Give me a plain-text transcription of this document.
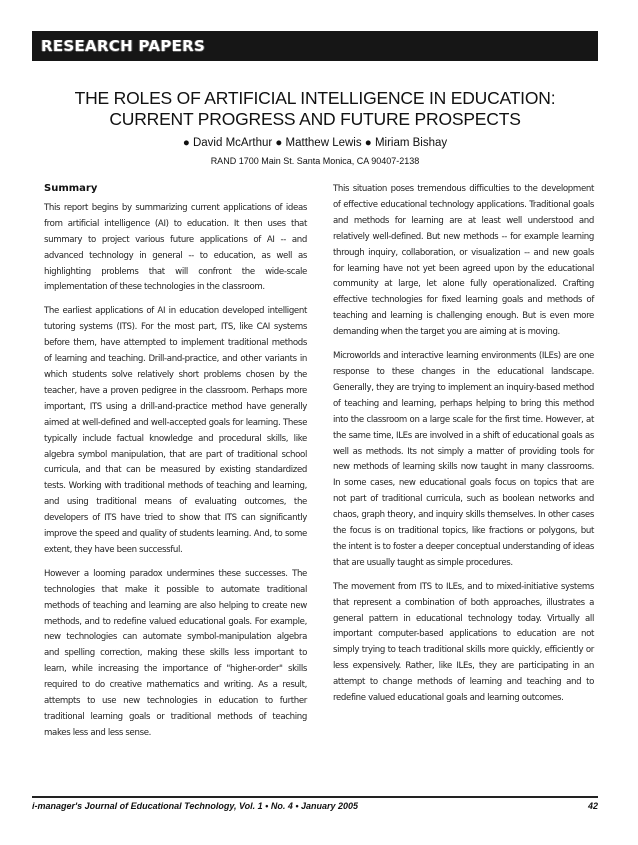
RESEARCH PAPERS
THE ROLES OF ARTIFICIAL INTELLIGENCE IN EDUCATION:
CURRENT PROGRESS AND FUTURE PROSPECTS
● David McArthur ● Matthew Lewis ● Miriam Bishay
RAND 1700 Main St. Santa Monica, CA 90407-2138
Summary

This report begins by summarizing current applications of ideas from artificial intelligence (AI) to education. It then uses that summary to project various future applications of AI -- and advanced technology in general -- to education, as well as highlighting problems that will confront the wide-scale implementation of these technologies in the classroom.

The earliest applications of AI in education developed intelligent tutoring systems (ITS). For the most part, ITS, like CAI systems before them, have attempted to implement traditional methods of learning and teaching. Drill-and-practice, and other variants in which students solve relatively short problems chosen by the teacher, have a proven pedigree in the classroom. Perhaps more important, ITS using a drill-and-practice method have generally aimed at well-defined and well-accepted goals for learning. These typically include factual knowledge and procedural skills, like algebra symbol manipulation, that are part of traditional school curricula, and that can be measured by existing standardized tests. Working with traditional methods of teaching and learning, and using traditional means of evaluating outcomes, the developers of ITS have tried to show that ITS can significantly improve the speed and quality of students learning. And, to some extent, they have been successful.

However a looming paradox undermines these successes. The technologies that make it possible to automate traditional methods of teaching and learning are also helping to create new methods, and to redefine valued educational goals. For example, new technologies can automate symbol-manipulation algebra and spelling correction, making these skills less important to learn, while increasing the importance of "higher-order" skills required to do creative mathematics and writing. As a result, attempts to use new technologies in education to further traditional learning goals or traditional methods of teaching makes less and less sense.

This situation poses tremendous difficulties to the development of effective educational technology applications. Traditional goals and methods for learning are at least well understood and relatively well-defined. But new methods -- for example learning through inquiry, collaboration, or visualization -- and new goals for learning have not yet been agreed upon by the educational community at large, let alone fully operationalized. Crafting effective technologies for fixed learning goals and methods of teaching and learning is challenging enough. But is even more demanding when the target you are aiming at is moving.

Microworlds and interactive learning environments (ILEs) are one response to these changes in the educational landscape. Generally, they are trying to implement an inquiry-based method of teaching and learning, perhaps helping to bring this method into the classroom on a large scale for the first time. However, at the same time, ILEs are involved in a shift of educational goals as well as methods. Its not simply a matter of providing tools for new methods of learning skills now taught in many classrooms. In some cases, new educational goals focus on topics that are not part of traditional curricula, such as boolean networks and chaos, graph theory, and inquiry skills themselves. In other cases the focus is on traditional topics, like fractions or polygons, but the intent is to foster a deeper conceptual understanding of ideas that are usually taught as simple procedures.

The movement from ITS to ILEs, and to mixed-initiative systems that represent a combination of both approaches, illustrates a general pattern in educational technology today. Virtually all important computer-based applications to education are not simply trying to teach traditional skills more quickly, efficiently or less expensively. Rather, like ILEs, they are participating in an attempt to change methods of learning and teaching and to redefine valued educational goals and learning outcomes.

i-manager's Journal of Educational Technology, Vol. 1 • No. 4 • January 2005	42
